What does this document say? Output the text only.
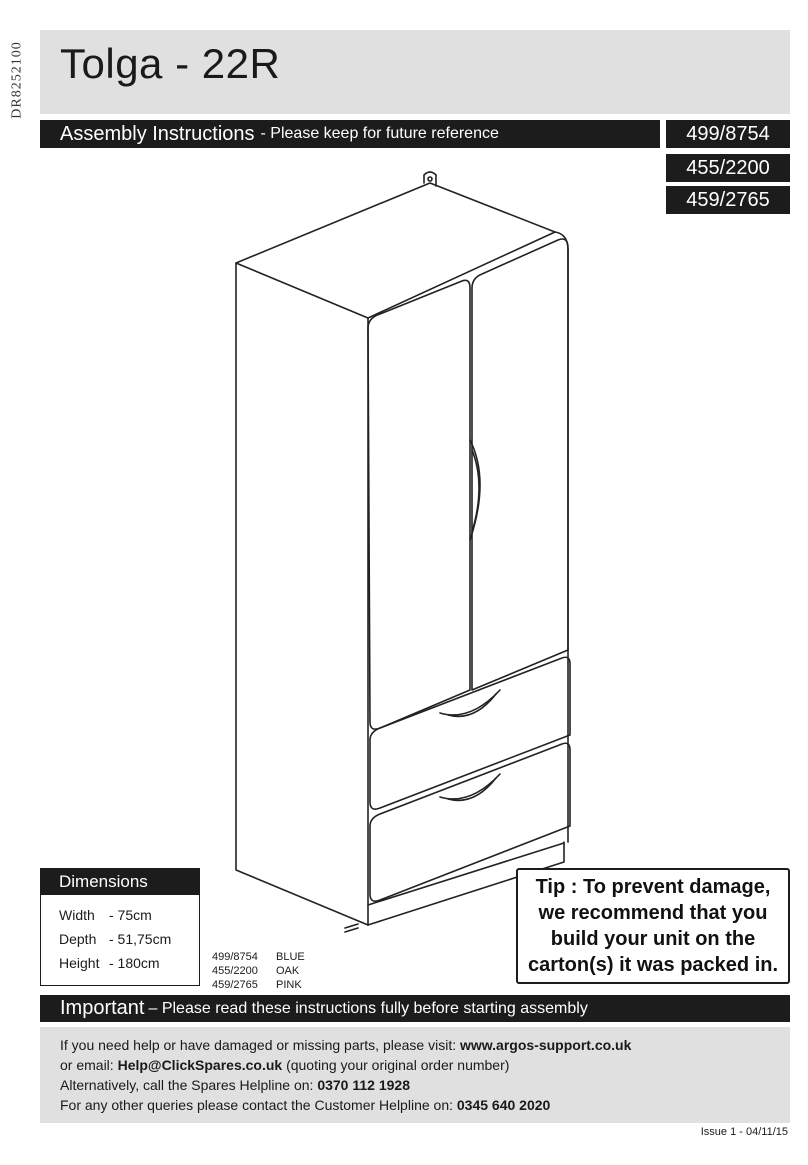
DR8252100 Tolga - 22R
Assembly Instructions - Please keep for future reference	499/8754
455/2200
459/2765
Dimensions
Width	- 75cm
Depth - 51,75cm
Height - 180cm	499/8754	BLUE
455/2200	OAK
459/2765	PINK

Tip : To prevent damage,
we recommend that you
build your unit on the
carton(s) it was packed in.

Important – Please read these instructions fully before starting assembly
If you need help or have damaged or missing parts, please visit: www.argos-support.co.uk
or email: Help@ClickSpares.co.uk (quoting your original order number)
Alternatively, call the Spares Helpline on: 0370 112 1928
For any other queries please contact the Customer Helpline on: 0345 640 2020
Issue 1 - 04/11/15
